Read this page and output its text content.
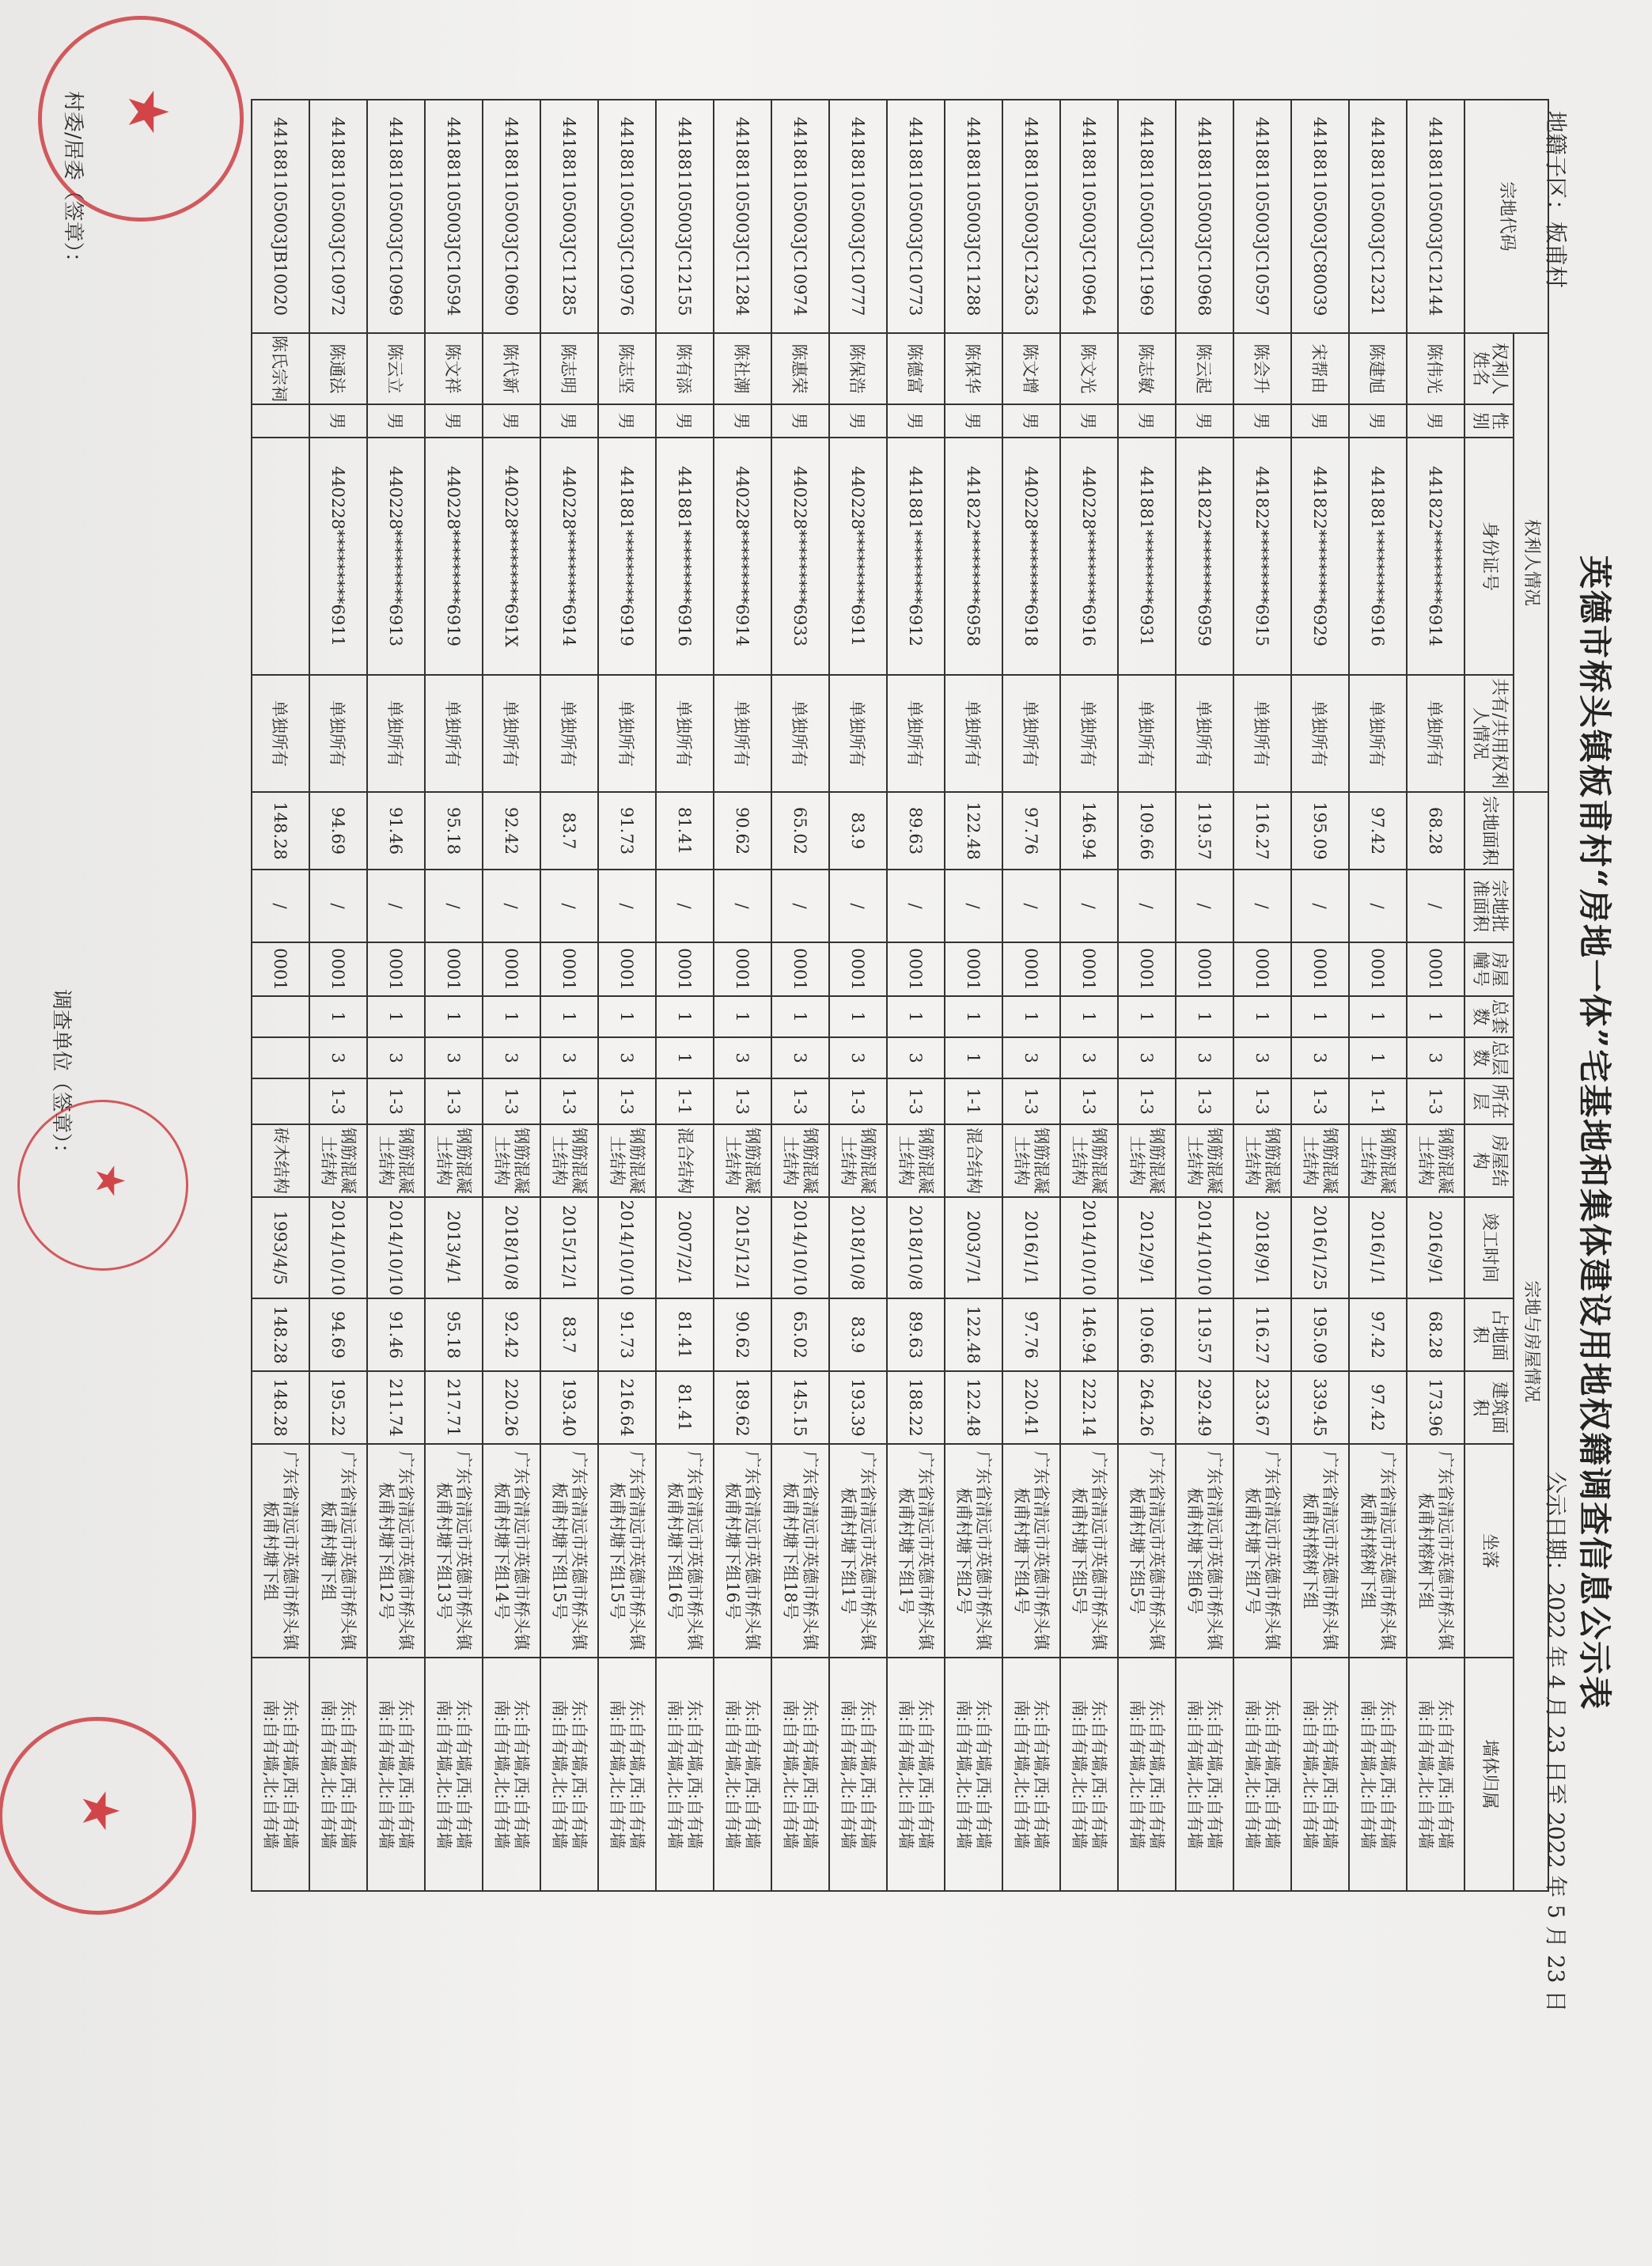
英德市桥头镇板甫村“房地一体”宅基地和集体建设用地权籍调查信息公示表
地籍子区：板甫村
公示日期：2022 年 4 月 23 日至 2022 年 5 月 23 日
宗地代码	权利人情况				宗地与房屋情况											
	权利人姓名	性别	身份证号	共有/共用权利人情况	宗地面积	宗地批准面积	房屋幢号	总套数	总层数	所在层	房屋结构	竣工时间	占地面积	建筑面积	坐落	墙体归属
441881105003JC12144	陈伟光	男	441822*********6914	单独所有	68.28	/	0001	1	3	1-3	钢筋混凝土结构	2016/9/1	68.28	173.96	广东省清远市英德市桥头镇板甫村榕树下组	东:自有墙,西:自有墙
南:自有墙,北:自有墙
441881105003JC12321	陈建旭	男	441881*********6916	单独所有	97.42	/	0001	1	1	1-1	钢筋混凝土结构	2016/1/1	97.42	97.42	广东省清远市英德市桥头镇板甫村榕树下组	东:自有墙,西:自有墙
南:自有墙,北:自有墙
441881105003JC80039	宋帮由	男	441822*********6929	单独所有	195.09	/	0001	1	3	1-3	钢筋混凝土结构	2016/1/25	195.09	339.45	广东省清远市英德市桥头镇板甫村榕树下组	东:自有墙,西:自有墙
南:自有墙,北:自有墙
441881105003JC10597	陈会升	男	441822*********6915	单独所有	116.27	/	0001	1	3	1-3	钢筋混凝土结构	2018/9/1	116.27	233.67	广东省清远市英德市桥头镇板甫村塘下组7号	东:自有墙,西:自有墙
南:自有墙,北:自有墙
441881105003JC10968	陈云起	男	441822*********6959	单独所有	119.57	/	0001	1	3	1-3	钢筋混凝土结构	2014/10/10	119.57	292.49	广东省清远市英德市桥头镇板甫村塘下组6号	东:自有墙,西:自有墙
南:自有墙,北:自有墙
441881105003JC11969	陈志敏	男	441881*********6931	单独所有	109.66	/	0001	1	3	1-3	钢筋混凝土结构	2012/9/1	109.66	264.26	广东省清远市英德市桥头镇板甫村塘下组5号	东:自有墙,西:自有墙
南:自有墙,北:自有墙
441881105003JC10964	陈文光	男	440228*********6916	单独所有	146.94	/	0001	1	3	1-3	钢筋混凝土结构	2014/10/10	146.94	222.14	广东省清远市英德市桥头镇板甫村塘下组5号	东:自有墙,西:自有墙
南:自有墙,北:自有墙
441881105003JC12363	陈文增	男	440228*********6918	单独所有	97.76	/	0001	1	3	1-3	钢筋混凝土结构	2016/1/1	97.76	220.41	广东省清远市英德市桥头镇板甫村塘下组4号	东:自有墙,西:自有墙
南:自有墙,北:自有墙
441881105003JC11288	陈保华	男	441822*********6958	单独所有	122.48	/	0001	1	1	1-1	混合结构	2003/7/1	122.48	122.48	广东省清远市英德市桥头镇板甫村塘下组2号	东:自有墙,西:自有墙
南:自有墙,北:自有墙
441881105003JC10773	陈德富	男	441881*********6912	单独所有	89.63	/	0001	1	3	1-3	钢筋混凝土结构	2018/10/8	89.63	188.22	广东省清远市英德市桥头镇板甫村塘下组1号	东:自有墙,西:自有墙
南:自有墙,北:自有墙
441881105003JC10777	陈保浩	男	440228*********6911	单独所有	83.9	/	0001	1	3	1-3	钢筋混凝土结构	2018/10/8	83.9	193.39	广东省清远市英德市桥头镇板甫村塘下组1号	东:自有墙,西:自有墙
南:自有墙,北:自有墙
441881105003JC10974	陈惠荣	男	440228*********6933	单独所有	65.02	/	0001	1	3	1-3	钢筋混凝土结构	2014/10/10	65.02	145.15	广东省清远市英德市桥头镇板甫村塘下组18号	东:自有墙,西:自有墙
南:自有墙,北:自有墙
441881105003JC11284	陈社潮	男	440228*********6914	单独所有	90.62	/	0001	1	3	1-3	钢筋混凝土结构	2015/12/1	90.62	189.62	广东省清远市英德市桥头镇板甫村塘下组16号	东:自有墙,西:自有墙
南:自有墙,北:自有墙
441881105003JC12155	陈有添	男	441881*********6916	单独所有	81.41	/	0001	1	1	1-1	混合结构	2007/2/1	81.41	81.41	广东省清远市英德市桥头镇板甫村塘下组16号	东:自有墙,西:自有墙
南:自有墙,北:自有墙
441881105003JC10976	陈志坚	男	441881*********6919	单独所有	91.73	/	0001	1	3	1-3	钢筋混凝土结构	2014/10/10	91.73	216.64	广东省清远市英德市桥头镇板甫村塘下组15号	东:自有墙,西:自有墙
南:自有墙,北:自有墙
441881105003JC11285	陈志明	男	440228*********6914	单独所有	83.7	/	0001	1	3	1-3	钢筋混凝土结构	2015/12/1	83.7	193.40	广东省清远市英德市桥头镇板甫村塘下组15号	东:自有墙,西:自有墙
南:自有墙,北:自有墙
441881105003JC10690	陈代新	男	440228*********691X	单独所有	92.42	/	0001	1	3	1-3	钢筋混凝土结构	2018/10/8	92.42	220.26	广东省清远市英德市桥头镇板甫村塘下组14号	东:自有墙,西:自有墙
南:自有墙,北:自有墙
441881105003JC10594	陈文祥	男	440228*********6919	单独所有	95.18	/	0001	1	3	1-3	钢筋混凝土结构	2013/4/1	95.18	217.71	广东省清远市英德市桥头镇板甫村塘下组13号	东:自有墙,西:自有墙
南:自有墙,北:自有墙
441881105003JC10969	陈云立	男	440228*********6913	单独所有	91.46	/	0001	1	3	1-3	钢筋混凝土结构	2014/10/10	91.46	211.74	广东省清远市英德市桥头镇板甫村塘下组12号	东:自有墙,西:自有墙
南:自有墙,北:自有墙
441881105003JC10972	陈通法	男	440228*********6911	单独所有	94.69	/	0001	1	3	1-3	钢筋混凝土结构	2014/10/10	94.69	195.22	广东省清远市英德市桥头镇板甫村塘下组	东:自有墙,西:自有墙
南:自有墙,北:自有墙
441881105003JB10020	陈氏宗祠			单独所有	148.28	/	0001				砖木结构	1993/4/5	148.28	148.28	广东省清远市英德市桥头镇板甫村塘下组	东:自有墙,西:自有墙
南:自有墙,北:自有墙
村委/居委（签章）：
调查单位（签章）：
★
★
★
